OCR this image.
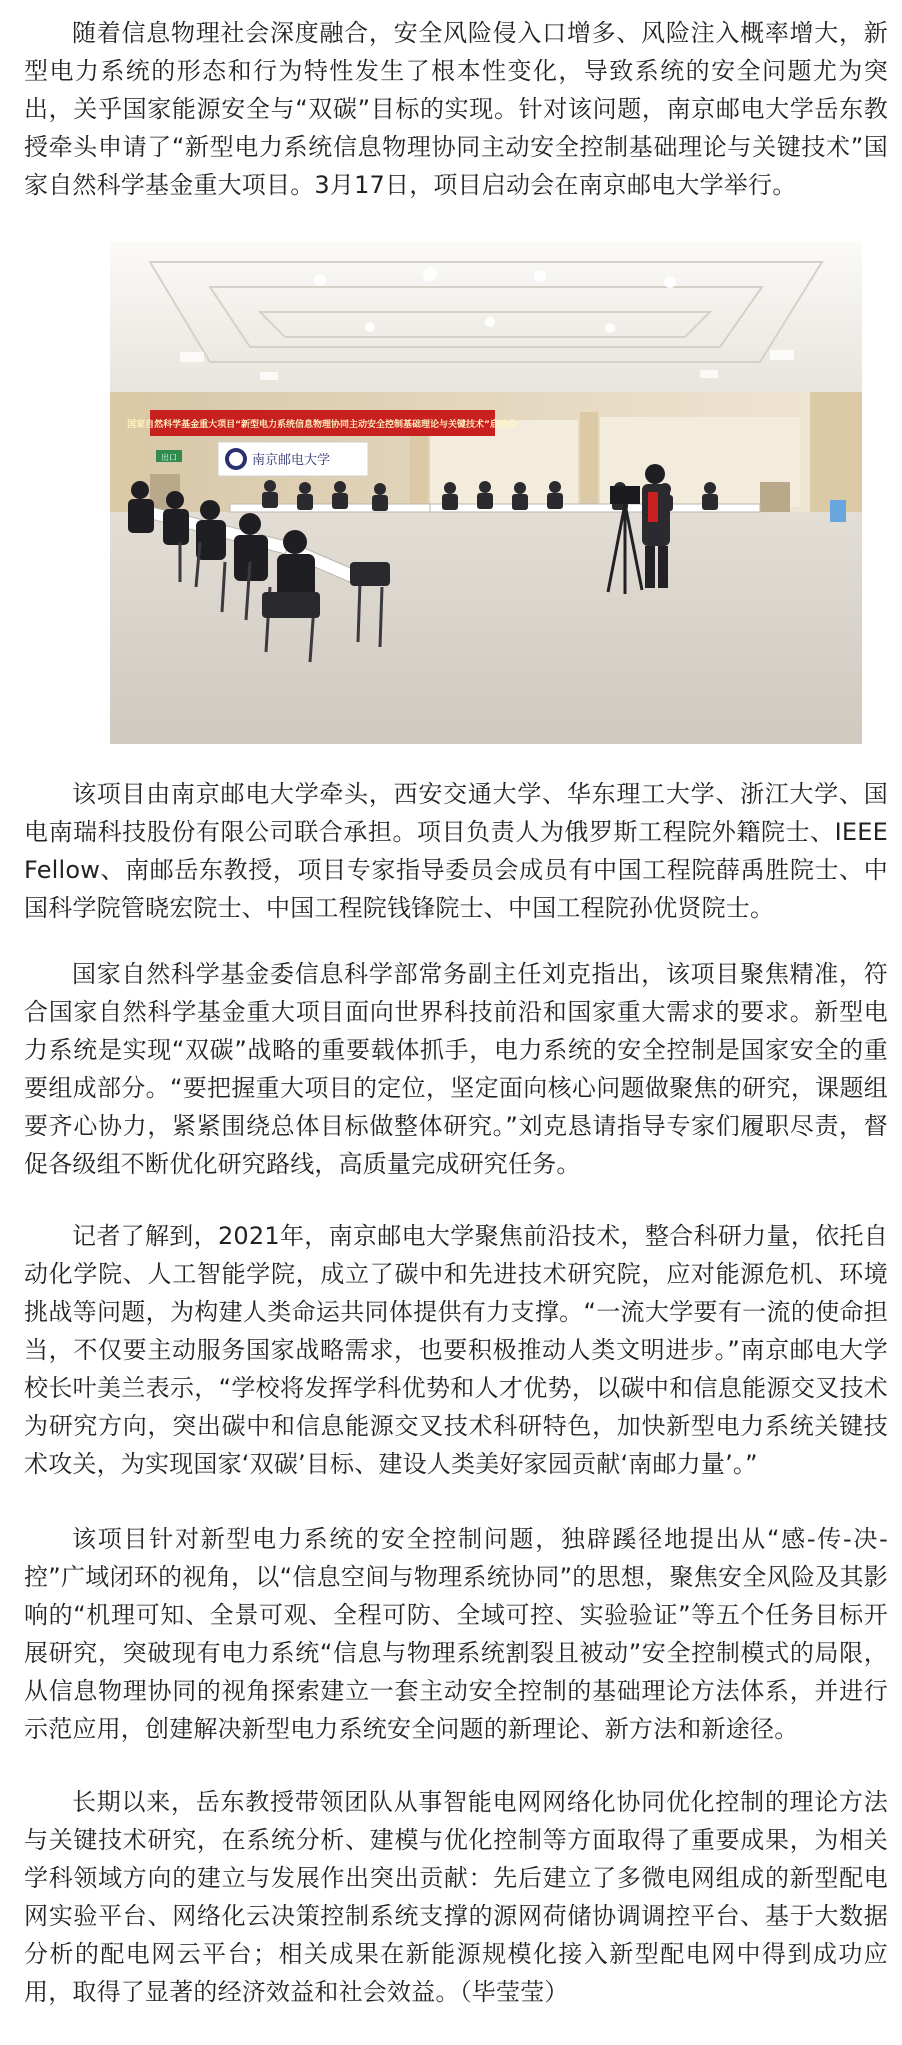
随着信息物理社会深度融合，安全风险侵入口增多、风险注入概率增大，新型电力系统的形态和行为特性发生了根本性变化，导致系统的安全问题尤为突出，关乎国家能源安全与“双碳”目标的实现。针对该问题，南京邮电大学岳东教授牵头申请了“新型电力系统信息物理协同主动安全控制基础理论与关键技术”国家自然科学基金重大项目。3月17日，项目启动会在南京邮电大学举行。

国家自然科学基金重大项目“新型电力系统信息物理协同主动安全控制基础理论与关键技术”启动会
南京邮电大学
出口

该项目由南京邮电大学牵头，西安交通大学、华东理工大学、浙江大学、国电南瑞科技股份有限公司联合承担。项目负责人为俄罗斯工程院外籍院士、IEEE Fellow、南邮岳东教授，项目专家指导委员会成员有中国工程院薛禹胜院士、中国科学院管晓宏院士、中国工程院钱锋院士、中国工程院孙优贤院士。

国家自然科学基金委信息科学部常务副主任刘克指出，该项目聚焦精准，符合国家自然科学基金重大项目面向世界科技前沿和国家重大需求的要求。新型电力系统是实现“双碳”战略的重要载体抓手，电力系统的安全控制是国家安全的重要组成部分。“要把握重大项目的定位，坚定面向核心问题做聚焦的研究，课题组要齐心协力，紧紧围绕总体目标做整体研究。”刘克恳请指导专家们履职尽责，督促各级组不断优化研究路线，高质量完成研究任务。

记者了解到，2021年，南京邮电大学聚焦前沿技术，整合科研力量，依托自动化学院、人工智能学院，成立了碳中和先进技术研究院，应对能源危机、环境挑战等问题，为构建人类命运共同体提供有力支撑。“一流大学要有一流的使命担当，不仅要主动服务国家战略需求，也要积极推动人类文明进步。”南京邮电大学校长叶美兰表示，“学校将发挥学科优势和人才优势，以碳中和信息能源交叉技术为研究方向，突出碳中和信息能源交叉技术科研特色，加快新型电力系统关键技术攻关，为实现国家‘双碳’目标、建设人类美好家园贡献‘南邮力量’。”

该项目针对新型电力系统的安全控制问题，独辟蹊径地提出从“感-传-决-控”广域闭环的视角，以“信息空间与物理系统协同”的思想，聚焦安全风险及其影响的“机理可知、全景可观、全程可防、全域可控、实验验证”等五个任务目标开展研究，突破现有电力系统“信息与物理系统割裂且被动”安全控制模式的局限，从信息物理协同的视角探索建立一套主动安全控制的基础理论方法体系，并进行示范应用，创建解决新型电力系统安全问题的新理论、新方法和新途径。

长期以来，岳东教授带领团队从事智能电网网络化协同优化控制的理论方法与关键技术研究，在系统分析、建模与优化控制等方面取得了重要成果，为相关学科领域方向的建立与发展作出突出贡献：先后建立了多微电网组成的新型配电网实验平台、网络化云决策控制系统支撑的源网荷储协调调控平台、基于大数据分析的配电网云平台；相关成果在新能源规模化接入新型配电网中得到成功应用，取得了显著的经济效益和社会效益。（毕莹莹）
